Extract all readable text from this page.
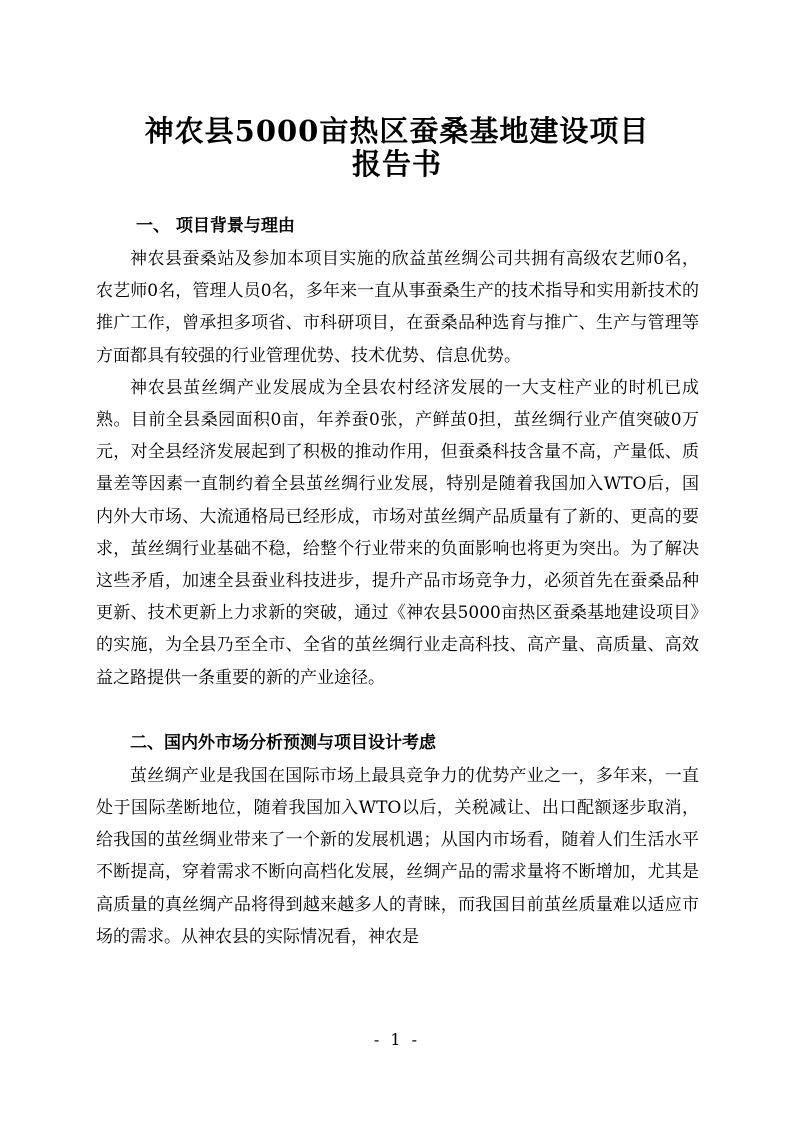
神农县5000亩热区蚕桑基地建设项目
报告书
一、 项目背景与理由

神农县蚕桑站及参加本项目实施的欣益茧丝绸公司共拥有高级农艺师0名，农艺师0名，管理人员0名，多年来一直从事蚕桑生产的技术指导和实用新技术的推广工作，曾承担多项省、市科研项目，在蚕桑品种选育与推广、生产与管理等方面都具有较强的行业管理优势、技术优势、信息优势。

神农县茧丝绸产业发展成为全县农村经济发展的一大支柱产业的时机已成熟。目前全县桑园面积0亩，年养蚕0张，产鲜茧0担，茧丝绸行业产值突破0万元，对全县经济发展起到了积极的推动作用，但蚕桑科技含量不高，产量低、质量差等因素一直制约着全县茧丝绸行业发展，特别是随着我国加入WTO后，国内外大市场、大流通格局已经形成，市场对茧丝绸产品质量有了新的、更高的要求，茧丝绸行业基础不稳，给整个行业带来的负面影响也将更为突出。为了解决这些矛盾，加速全县蚕业科技进步，提升产品市场竞争力，必须首先在蚕桑品种更新、技术更新上力求新的突破，通过《神农县5000亩热区蚕桑基地建设项目》的实施，为全县乃至全市、全省的茧丝绸行业走高科技、高产量、高质量、高效益之路提供一条重要的新的产业途径。

二、国内外市场分析预测与项目设计考虑

茧丝绸产业是我国在国际市场上最具竞争力的优势产业之一，多年来，一直处于国际垄断地位，随着我国加入WTO以后，关税减让、出口配额逐步取消，给我国的茧丝绸业带来了一个新的发展机遇；从国内市场看，随着人们生活水平不断提高，穿着需求不断向高档化发展，丝绸产品的需求量将不断增加，尤其是高质量的真丝绸产品将得到越来越多人的青睐，而我国目前茧丝质量难以适应市场的需求。从神农县的实际情况看，神农是

- 1 -
